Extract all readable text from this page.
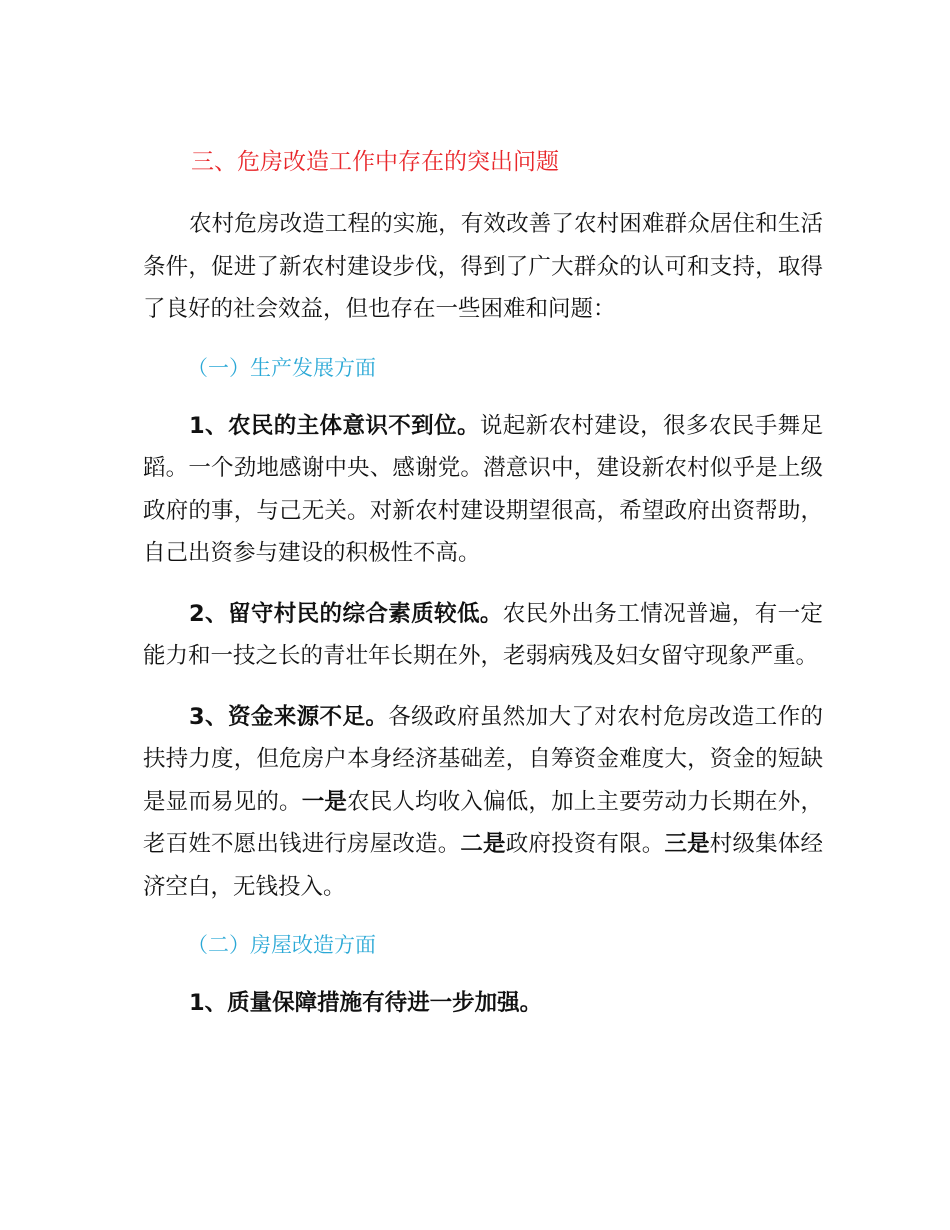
三、危房改造工作中存在的突出问题

农村危房改造工程的实施，有效改善了农村困难群众居住和生活条件，促进了新农村建设步伐，得到了广大群众的认可和支持，取得了良好的社会效益，但也存在一些困难和问题：

（一）生产发展方面

1、农民的主体意识不到位。说起新农村建设，很多农民手舞足蹈。一个劲地感谢中央、感谢党。潜意识中，建设新农村似乎是上级政府的事，与己无关。对新农村建设期望很高，希望政府出资帮助，自己出资参与建设的积极性不高。

2、留守村民的综合素质较低。农民外出务工情况普遍，有一定能力和一技之长的青壮年长期在外，老弱病残及妇女留守现象严重。

3、资金来源不足。各级政府虽然加大了对农村危房改造工作的扶持力度，但危房户本身经济基础差，自筹资金难度大，资金的短缺是显而易见的。一是农民人均收入偏低，加上主要劳动力长期在外，老百姓不愿出钱进行房屋改造。二是政府投资有限。三是村级集体经济空白，无钱投入。

（二）房屋改造方面

1、质量保障措施有待进一步加强。
